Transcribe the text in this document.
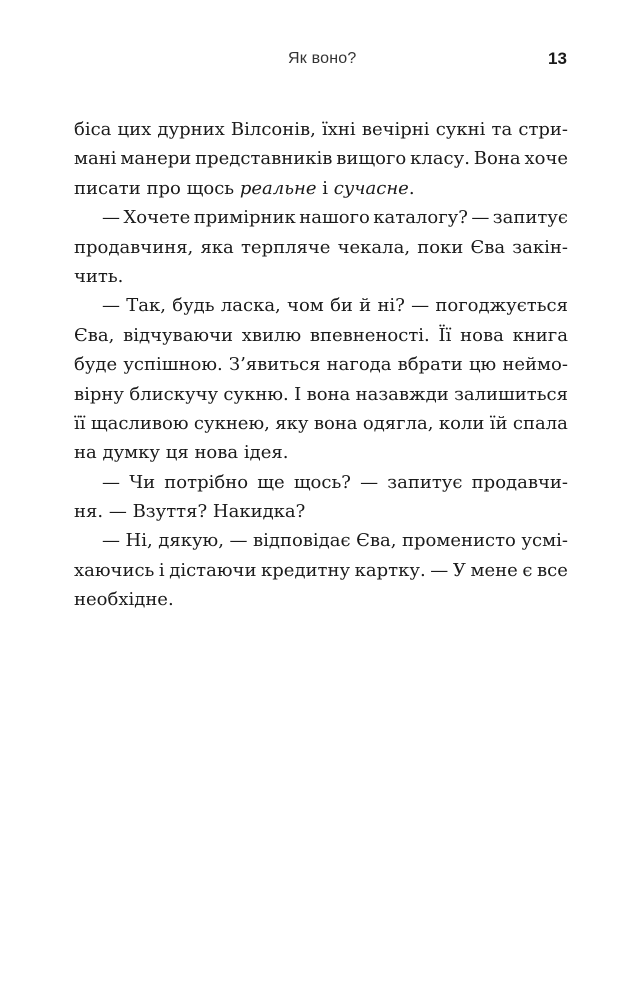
Як воно?	13
біса цих дурних Вілсонів, їхні вечірні сукні та стри-
мані манери представників вищого класу. Вона хоче
писати про щось реальне і сучасне.
— Хочете примірник нашого каталогу? — запитує
продавчиня, яка терпляче чекала, поки Єва закін-
чить.
— Так, будь ласка, чом би й ні? — погоджується
Єва, відчуваючи хвилю впевненості. Її нова книга
буде успішною. З’явиться нагода вбрати цю неймо-
вірну блискучу сукню. І вона назавжди залишиться
її щасливою сукнею, яку вона одягла, коли їй спала
на думку ця нова ідея.
— Чи потрібно ще щось? — запитує продавчи-
ня. — Взуття? Накидка?
— Ні, дякую, — відповідає Єва, променисто усмі-
хаючись і дістаючи кредитну картку. — У мене є все
необхідне.
